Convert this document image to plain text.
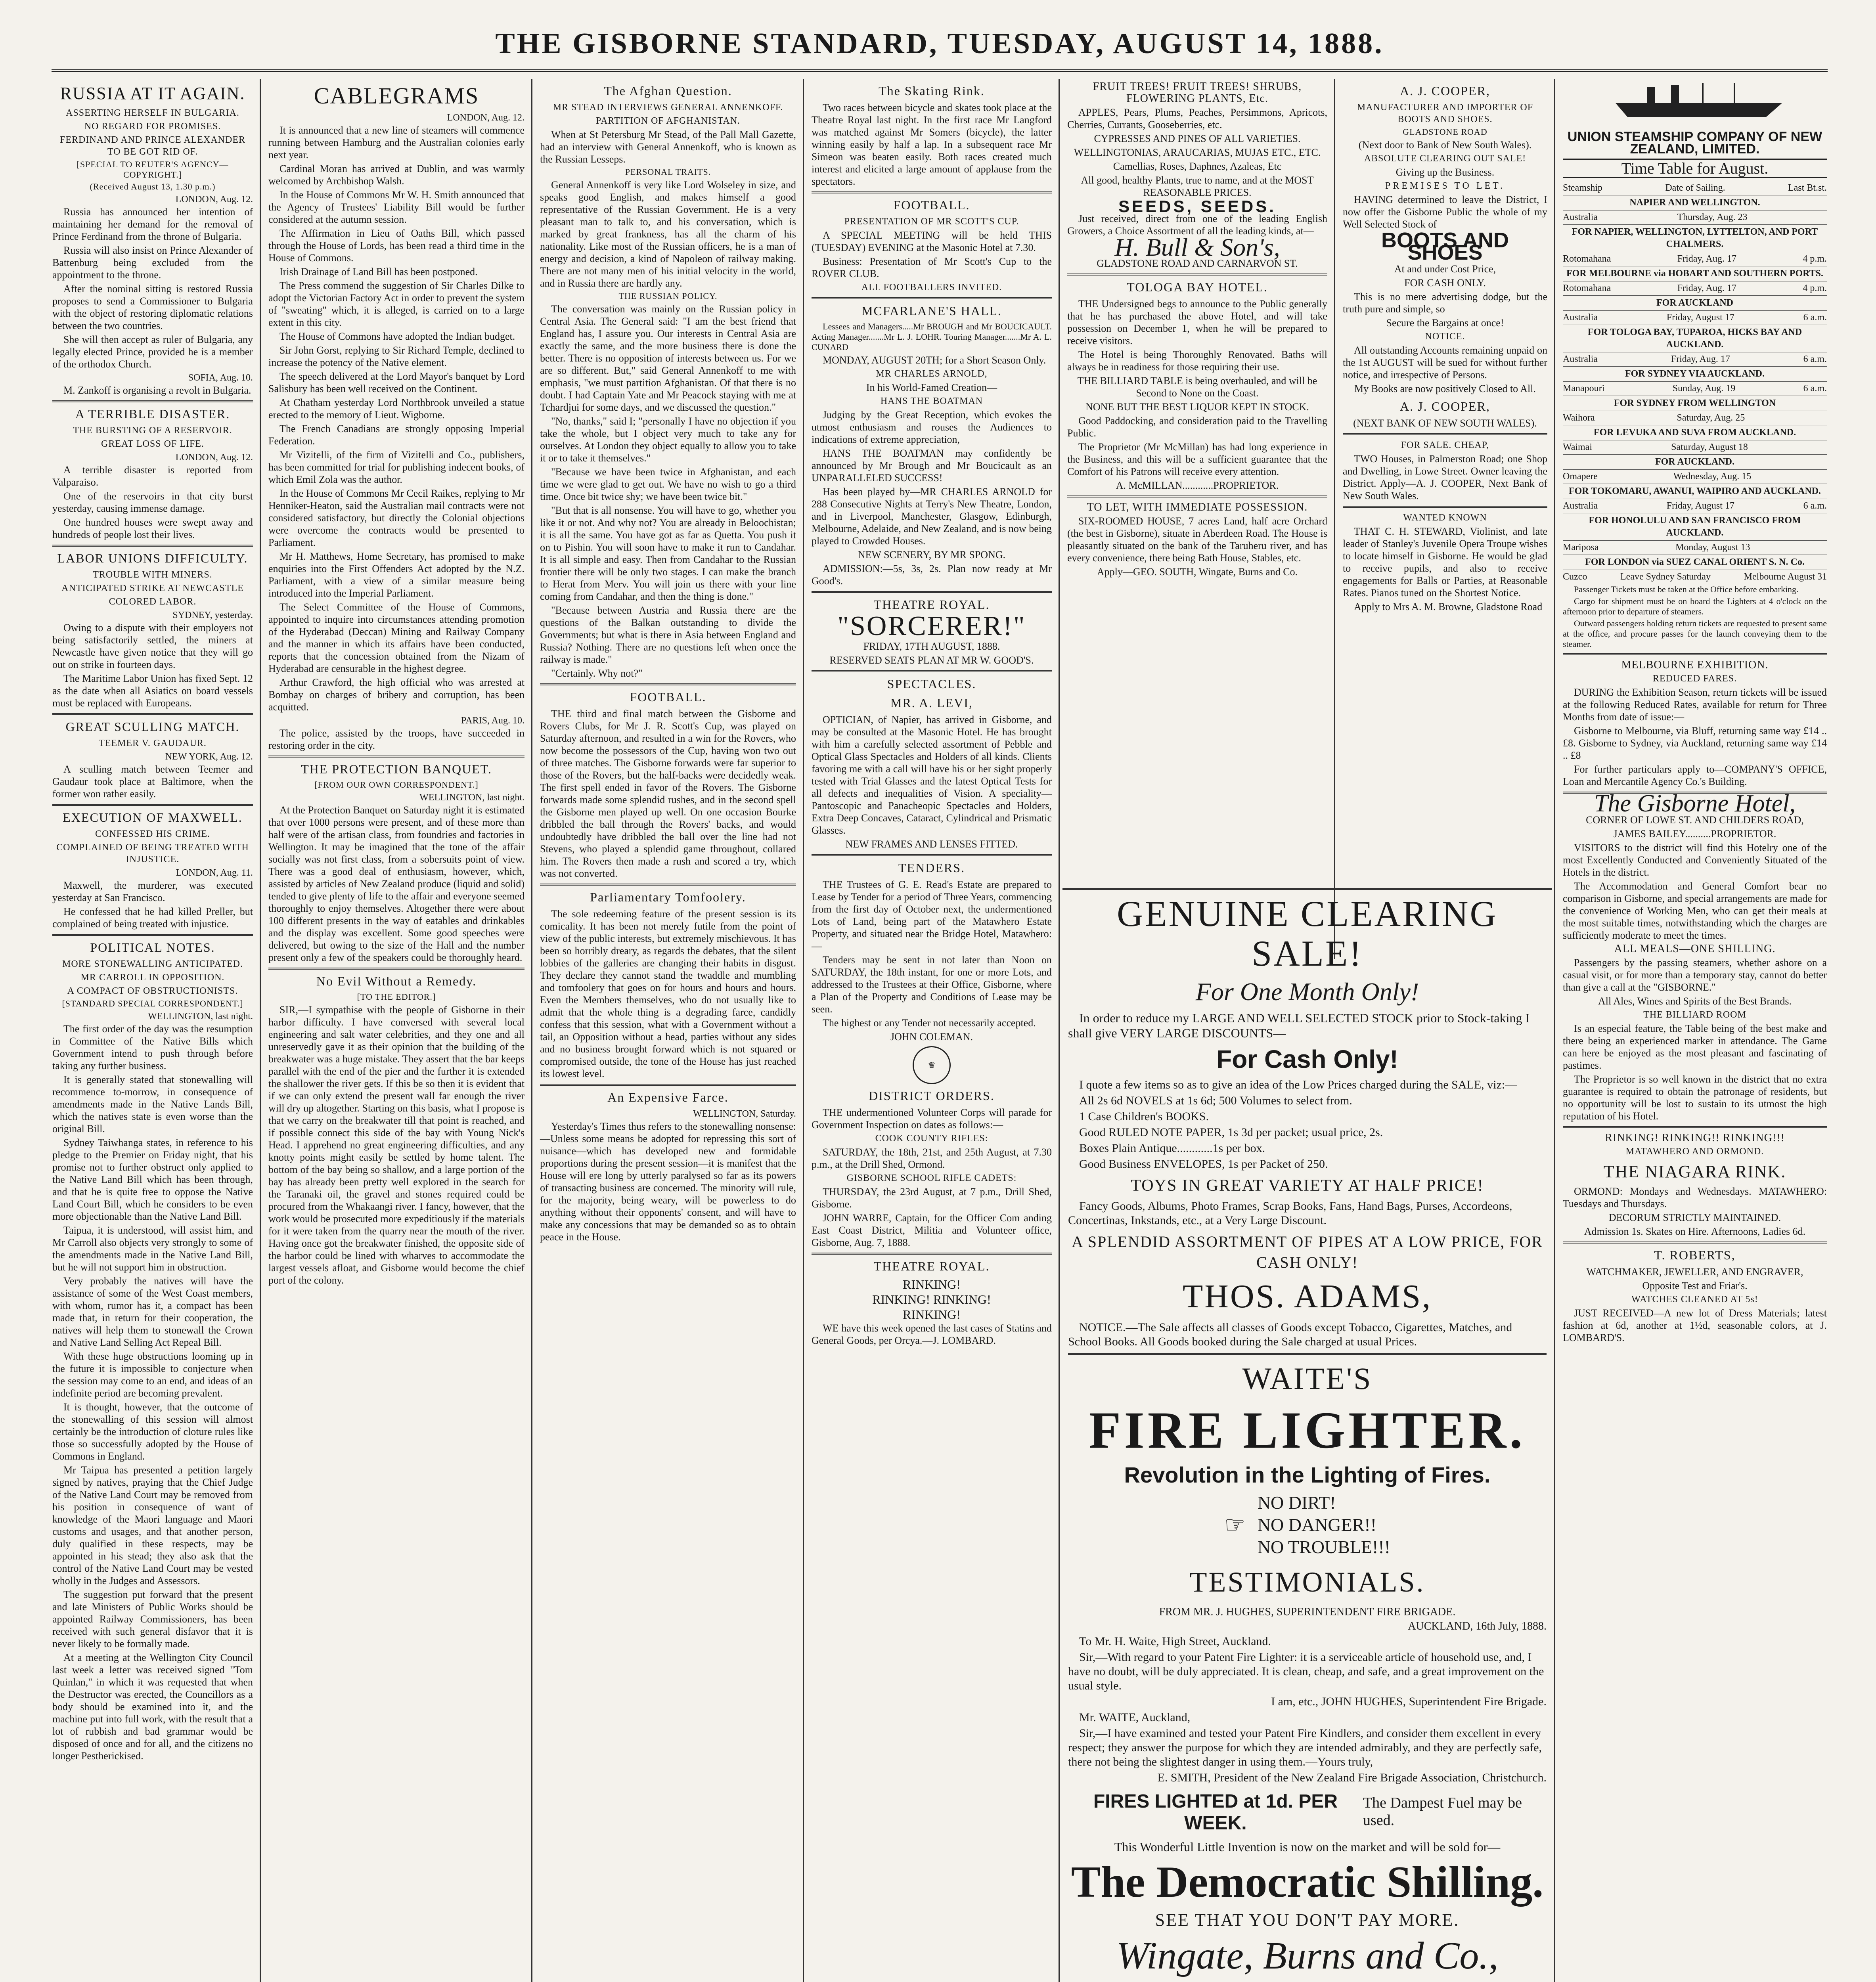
THE GISBORNE STANDARD, TUESDAY, AUGUST 14, 1888.
RUSSIA AT IT AGAIN.
ASSERTING HERSELF IN BULGARIA.
NO REGARD FOR PROMISES.
FERDINAND AND PRINCE ALEXANDER TO BE GOT RID OF.
[SPECIAL TO REUTER'S AGENCY—COPYRIGHT.]
(Received August 13, 1.30 p.m.)
LONDON, Aug. 12.

Russia has announced her intention of maintaining her demand for the removal of Prince Ferdinand from the throne of Bulgaria.

Russia will also insist on Prince Alexander of Battenburg being excluded from the appointment to the throne.

After the nominal sitting is restored Russia proposes to send a Commissioner to Bulgaria with the object of restoring diplomatic relations between the two countries.

She will then accept as ruler of Bulgaria, any legally elected Prince, provided he is a member of the orthodox Church.

SOFIA, Aug. 10.

M. Zankoff is organising a revolt in Bulgaria.

A TERRIBLE DISASTER.
THE BURSTING OF A RESERVOIR.
GREAT LOSS OF LIFE.
LONDON, Aug. 12.

A terrible disaster is reported from Valparaiso.

One of the reservoirs in that city burst yesterday, causing immense damage.

One hundred houses were swept away and hundreds of people lost their lives.

LABOR UNIONS DIFFICULTY.
TROUBLE WITH MINERS.
ANTICIPATED STRIKE AT NEWCASTLE
COLORED LABOR.
SYDNEY, yesterday.

Owing to a dispute with their employers not being satisfactorily settled, the miners at Newcastle have given notice that they will go out on strike in fourteen days.

The Maritime Labor Union has fixed Sept. 12 as the date when all Asiatics on board vessels must be replaced with Europeans.

GREAT SCULLING MATCH.
TEEMER V. GAUDAUR.
NEW YORK, Aug. 12.

A sculling match between Teemer and Gaudaur took place at Baltimore, when the former won rather easily.

EXECUTION OF MAXWELL.
CONFESSED HIS CRIME.
COMPLAINED OF BEING TREATED WITH INJUSTICE.
LONDON, Aug. 11.

Maxwell, the murderer, was executed yesterday at San Francisco.

He confessed that he had killed Preller, but complained of being treated with injustice.

POLITICAL NOTES.
MORE STONEWALLING ANTICIPATED.
MR CARROLL IN OPPOSITION.
A COMPACT OF OBSTRUCTIONISTS.
[STANDARD SPECIAL CORRESPONDENT.]
WELLINGTON, last night.

The first order of the day was the resumption in Committee of the Native Bills which Government intend to push through before taking any further business.

It is generally stated that stonewalling will recommence to-morrow, in consequence of amendments made in the Native Lands Bill, which the natives state is even worse than the original Bill.

Sydney Taiwhanga states, in reference to his pledge to the Premier on Friday night, that his promise not to further obstruct only applied to the Native Land Bill which has been through, and that he is quite free to oppose the Native Land Court Bill, which he considers to be even more objectionable than the Native Land Bill.

Taipua, it is understood, will assist him, and Mr Carroll also objects very strongly to some of the amendments made in the Native Land Bill, but he will not support him in obstruction.

Very probably the natives will have the assistance of some of the West Coast members, with whom, rumor has it, a compact has been made that, in return for their cooperation, the natives will help them to stonewall the Crown and Native Land Selling Act Repeal Bill.

With these huge obstructions looming up in the future it is impossible to conjecture when the session may come to an end, and ideas of an indefinite period are becoming prevalent.

It is thought, however, that the outcome of the stonewalling of this session will almost certainly be the introduction of cloture rules like those so successfully adopted by the House of Commons in England.

Mr Taipua has presented a petition largely signed by natives, praying that the Chief Judge of the Native Land Court may be removed from his position in consequence of want of knowledge of the Maori language and Maori customs and usages, and that another person, duly qualified in these respects, may be appointed in his stead; they also ask that the control of the Native Land Court may be vested wholly in the Judges and Assessors.

The suggestion put forward that the present and late Ministers of Public Works should be appointed Railway Commissioners, has been received with such general disfavor that it is never likely to be formally made.

At a meeting at the Wellington City Council last week a letter was received signed "Tom Quinlan," in which it was requested that when the Destructor was erected, the Councillors as a body should be examined into it, and the machine put into full work, with the result that a lot of rubbish and bad grammar would be disposed of once and for all, and the citizens no longer Pestherickised.

CABLEGRAMS
LONDON, Aug. 12.

It is announced that a new line of steamers will commence running between Hamburg and the Australian colonies early next year.

Cardinal Moran has arrived at Dublin, and was warmly welcomed by Archbishop Walsh.

In the House of Commons Mr W. H. Smith announced that the Agency of Trustees' Liability Bill would be further considered at the autumn session.

The Affirmation in Lieu of Oaths Bill, which passed through the House of Lords, has been read a third time in the House of Commons.

Irish Drainage of Land Bill has been postponed.

The Press commend the suggestion of Sir Charles Dilke to adopt the Victorian Factory Act in order to prevent the system of "sweating" which, it is alleged, is carried on to a large extent in this city.

The House of Commons have adopted the Indian budget.

Sir John Gorst, replying to Sir Richard Temple, declined to increase the potency of the Native element.

The speech delivered at the Lord Mayor's banquet by Lord Salisbury has been well received on the Continent.

At Chatham yesterday Lord Northbrook unveiled a statue erected to the memory of Lieut. Wigborne.

The French Canadians are strongly opposing Imperial Federation.

Mr Vizitelli, of the firm of Vizitelli and Co., publishers, has been committed for trial for publishing indecent books, of which Emil Zola was the author.

In the House of Commons Mr Cecil Raikes, replying to Mr Henniker-Heaton, said the Australian mail contracts were not considered satisfactory, but directly the Colonial objections were overcome the contracts would be presented to Parliament.

Mr H. Matthews, Home Secretary, has promised to make enquiries into the First Offenders Act adopted by the N.Z. Parliament, with a view of a similar measure being introduced into the Imperial Parliament.

The Select Committee of the House of Commons, appointed to inquire into circumstances attending promotion of the Hyderabad (Deccan) Mining and Railway Company and the manner in which its affairs have been conducted, reports that the concession obtained from the Nizam of Hyderabad are censurable in the highest degree.

Arthur Crawford, the high official who was arrested at Bombay on charges of bribery and corruption, has been acquitted.

PARIS, Aug. 10.

The police, assisted by the troops, have succeeded in restoring order in the city.

THE PROTECTION BANQUET.
[FROM OUR OWN CORRESPONDENT.]
WELLINGTON, last night.

At the Protection Banquet on Saturday night it is estimated that over 1000 persons were present, and of these more than half were of the artisan class, from foundries and factories in Wellington. It may be imagined that the tone of the affair socially was not first class, from a sobersuits point of view. There was a good deal of enthusiasm, however, which, assisted by articles of New Zealand produce (liquid and solid) tended to give plenty of life to the affair and everyone seemed thoroughly to enjoy themselves. Altogether there were about 100 different presents in the way of eatables and drinkables and the display was excellent. Some good speeches were delivered, but owing to the size of the Hall and the number present only a few of the speakers could be thoroughly heard.

No Evil Without a Remedy.
[TO THE EDITOR.]

SIR,—I sympathise with the people of Gisborne in their harbor difficulty. I have conversed with several local engineering and salt water celebrities, and they one and all unreservedly gave it as their opinion that the building of the breakwater was a huge mistake. They assert that the bar keeps parallel with the end of the pier and the further it is extended the shallower the river gets. If this be so then it is evident that if we can only extend the present wall far enough the river will dry up altogether. Starting on this basis, what I propose is that we carry on the breakwater till that point is reached, and if possible connect this side of the bay with Young Nick's Head. I apprehend no great engineering difficulties, and any knotty points might easily be settled by home talent. The bottom of the bay being so shallow, and a large portion of the bay has already been pretty well explored in the search for the Taranaki oil, the gravel and stones required could be procured from the Whakaangi river. I fancy, however, that the work would be prosecuted more expeditiously if the materials for it were taken from the quarry near the mouth of the river. Having once got the breakwater finished, the opposite side of the harbor could be lined with wharves to accommodate the largest vessels afloat, and Gisborne would become the chief port of the colony.

The Afghan Question.
MR STEAD INTERVIEWS GENERAL ANNENKOFF.
PARTITION OF AFGHANISTAN.

When at St Petersburg Mr Stead, of the Pall Mall Gazette, had an interview with General Annenkoff, who is known as the Russian Lesseps.

PERSONAL TRAITS.

General Annenkoff is very like Lord Wolseley in size, and speaks good English, and makes himself a good representative of the Russian Government. He is a very pleasant man to talk to, and his conversation, which is marked by great frankness, has all the charm of his nationality. Like most of the Russian officers, he is a man of energy and decision, a kind of Napoleon of railway making. There are not many men of his initial velocity in the world, and in Russia there are hardly any.

THE RUSSIAN POLICY.

The conversation was mainly on the Russian policy in Central Asia. The General said: "I am the best friend that England has, I assure you. Our interests in Central Asia are exactly the same, and the more business there is done the better. There is no opposition of interests between us. For we are so different. But," said General Annenkoff to me with emphasis, "we must partition Afghanistan. Of that there is no doubt. I had Captain Yate and Mr Peacock staying with me at Tchardjui for some days, and we discussed the question."

"No, thanks," said I; "personally I have no objection if you take the whole, but I object very much to take any for ourselves. At London they object equally to allow you to take it or to take it themselves."

"Because we have been twice in Afghanistan, and each time we were glad to get out. We have no wish to go a third time. Once bit twice shy; we have been twice bit."

"But that is all nonsense. You will have to go, whether you like it or not. And why not? You are already in Beloochistan; it is all the same. You have got as far as Quetta. You push it on to Pishin. You will soon have to make it run to Candahar. It is all simple and easy. Then from Candahar to the Russian frontier there will be only two stages. I can make the branch to Herat from Merv. You will join us there with your line coming from Candahar, and then the thing is done."

"Because between Austria and Russia there are the questions of the Balkan outstanding to divide the Governments; but what is there in Asia between England and Russia? Nothing. There are no questions left when once the railway is made."

"Certainly. Why not?"

FOOTBALL.

THE third and final match between the Gisborne and Rovers Clubs, for Mr J. R. Scott's Cup, was played on Saturday afternoon, and resulted in a win for the Rovers, who now become the possessors of the Cup, having won two out of three matches. The Gisborne forwards were far superior to those of the Rovers, but the half-backs were decidedly weak. The first spell ended in favor of the Rovers. The Gisborne forwards made some splendid rushes, and in the second spell the Gisborne men played up well. On one occasion Bourke dribbled the ball through the Rovers' backs, and would undoubtedly have dribbled the ball over the line had not Stevens, who played a splendid game throughout, collared him. The Rovers then made a rush and scored a try, which was not converted.

Parliamentary Tomfoolery.

The sole redeeming feature of the present session is its comicality. It has been not merely futile from the point of view of the public interests, but extremely mischievous. It has been so horribly dreary, as regards the debates, that the silent lobbies of the galleries are changing their habits in disgust. They declare they cannot stand the twaddle and mumbling and tomfoolery that goes on for hours and hours and hours. Even the Members themselves, who do not usually like to admit that the whole thing is a degrading farce, candidly confess that this session, what with a Government without a tail, an Opposition without a head, parties without any sides and no business brought forward which is not squared or compromised outside, the tone of the House has just reached its lowest level.

An Expensive Farce.
WELLINGTON, Saturday.

Yesterday's Times thus refers to the stonewalling nonsense:—Unless some means be adopted for repressing this sort of nuisance—which has developed new and formidable proportions during the present session—it is manifest that the House will ere long by utterly paralysed so far as its powers of transacting business are concerned. The minority will rule, for the majority, being weary, will be powerless to do anything without their opponents' consent, and will have to make any concessions that may be demanded so as to obtain peace in the House.

The Skating Rink.

Two races between bicycle and skates took place at the Theatre Royal last night. In the first race Mr Langford was matched against Mr Somers (bicycle), the latter winning easily by half a lap. In a subsequent race Mr Simeon was beaten easily. Both races created much interest and elicited a large amount of applause from the spectators.

FOOTBALL.
PRESENTATION OF MR SCOTT'S CUP.

A SPECIAL MEETING will be held THIS (TUESDAY) EVENING at the Masonic Hotel at 7.30.

Business: Presentation of Mr Scott's Cup to the ROVER CLUB.

ALL FOOTBALLERS INVITED.
MCFARLANE'S HALL.

Lessees and Managers.....Mr BROUGH and Mr BOUCICAULT. Acting Manager.......Mr L. J. LOHR. Touring Manager.......Mr A. L. CUNARD

MONDAY, AUGUST 20TH; for a Short Season Only.

MR CHARLES ARNOLD,

In his World-Famed Creation—

HANS THE BOATMAN

Judging by the Great Reception, which evokes the utmost enthusiasm and rouses the Audiences to indications of extreme appreciation,

HANS THE BOATMAN may confidently be announced by Mr Brough and Mr Boucicault as an UNPARALLELED SUCCESS!

Has been played by—MR CHARLES ARNOLD for 288 Consecutive Nights at Terry's New Theatre, London, and in Liverpool, Manchester, Glasgow, Edinburgh, Melbourne, Adelaide, and New Zealand, and is now being played to Crowded Houses.

NEW SCENERY, BY MR SPONG.

ADMISSION:—5s, 3s, 2s. Plan now ready at Mr Good's.

THEATRE ROYAL.
"SORCERER!"

FRIDAY, 17TH AUGUST, 1888.

RESERVED SEATS PLAN AT MR W. GOOD'S.

SPECTACLES.
MR. A. LEVI,

OPTICIAN, of Napier, has arrived in Gisborne, and may be consulted at the Masonic Hotel. He has brought with him a carefully selected assortment of Pebble and Optical Glass Spectacles and Holders of all kinds. Clients favoring me with a call will have his or her sight properly tested with Trial Glasses and the latest Optical Tests for all defects and inequalities of Vision. A speciality—Pantoscopic and Panacheopic Spectacles and Holders, Extra Deep Concaves, Cataract, Cylindrical and Prismatic Glasses.

NEW FRAMES AND LENSES FITTED.

TENDERS.

THE Trustees of G. E. Read's Estate are prepared to Lease by Tender for a period of Three Years, commencing from the first day of October next, the undermentioned Lots of Land, being part of the Matawhero Estate Property, and situated near the Bridge Hotel, Matawhero:—

Tenders may be sent in not later than Noon on SATURDAY, the 18th instant, for one or more Lots, and addressed to the Trustees at their Office, Gisborne, where a Plan of the Property and Conditions of Lease may be seen.

The highest or any Tender not necessarily accepted.

JOHN COLEMAN.

♛
DISTRICT ORDERS.

THE undermentioned Volunteer Corps will parade for Government Inspection on dates as follows:—

COOK COUNTY RIFLES:

SATURDAY, the 18th, 21st, and 25th August, at 7.30 p.m., at the Drill Shed, Ormond.

GISBORNE SCHOOL RIFLE CADETS:

THURSDAY, the 23rd August, at 7 p.m., Drill Shed, Gisborne.

JOHN WARRE, Captain, for the Officer Com anding East Coast District, Militia and Volunteer office, Gisborne, Aug. 7, 1888.

THEATRE ROYAL.
RINKING!
RINKING! RINKING!
RINKING!

WE have this week opened the last cases of Statins and General Goods, per Orcya.—J. LOMBARD.

FRUIT TREES! FRUIT TREES! SHRUBS, FLOWERING PLANTS, Etc.

APPLES, Pears, Plums, Peaches, Persimmons, Apricots, Cherries, Currants, Gooseberries, etc.

CYPRESSES AND PINES OF ALL VARIETIES.

WELLINGTONIAS, ARAUCARIAS, MUJAS ETC., ETC.

Camellias, Roses, Daphnes, Azaleas, Etc

All good, healthy Plants, true to name, and at the MOST REASONABLE PRICES.

SEEDS, SEEDS.

Just received, direct from one of the leading English Growers, a Choice Assortment of all the leading kinds, at—

H. Bull & Son's,

GLADSTONE ROAD AND CARNARVON ST.

TOLOGA BAY HOTEL.

THE Undersigned begs to announce to the Public generally that he has purchased the above Hotel, and will take possession on December 1, when he will be prepared to receive visitors.

The Hotel is being Thoroughly Renovated. Baths will always be in readiness for those requiring their use.

THE BILLIARD TABLE is being overhauled, and will be Second to None on the Coast.

NONE BUT THE BEST LIQUOR KEPT IN STOCK.

Good Paddocking, and consideration paid to the Travelling Public.

The Proprietor (Mr McMillan) has had long experience in the Business, and this will be a sufficient guarantee that the Comfort of his Patrons will receive every attention.

A. McMILLAN............PROPRIETOR.

TO LET, WITH IMMEDIATE POSSESSION.

SIX-ROOMED HOUSE, 7 acres Land, half acre Orchard (the best in Gisborne), situate in Aberdeen Road. The House is pleasantly situated on the bank of the Taruheru river, and has every convenience, there being Bath House, Stables, etc.

Apply—GEO. SOUTH, Wingate, Burns and Co.

A. J. COOPER,
MANUFACTURER AND IMPORTER OF BOOTS AND SHOES.
GLADSTONE ROAD

(Next door to Bank of New South Wales).

ABSOLUTE CLEARING OUT SALE!

Giving up the Business.

PREMISES TO LET.

HAVING determined to leave the District, I now offer the Gisborne Public the whole of my Well Selected Stock of

BOOTS AND SHOES

At and under Cost Price,

FOR CASH ONLY.

This is no mere advertising dodge, but the truth pure and simple, so

Secure the Bargains at once!

NOTICE.

All outstanding Accounts remaining unpaid on the 1st AUGUST will be sued for without further notice, and irrespective of Persons.

My Books are now positively Closed to All.

A. J. COOPER,

(NEXT BANK OF NEW SOUTH WALES).

FOR SALE. CHEAP,

TWO Houses, in Palmerston Road; one Shop and Dwelling, in Lowe Street. Owner leaving the District. Apply—A. J. COOPER, Next Bank of New South Wales.

WANTED KNOWN

THAT C. H. STEWARD, Violinist, and late leader of Stanley's Juvenile Opera Troupe wishes to locate himself in Gisborne. He would be glad to receive pupils, and also to receive engagements for Balls or Parties, at Reasonable Rates. Pianos tuned on the Shortest Notice.

Apply to Mrs A. M. Browne, Gladstone Road

GENUINE CLEARING SALE!
For One Month Only!

In order to reduce my LARGE AND WELL SELECTED STOCK prior to Stock-taking I shall give VERY LARGE DISCOUNTS—

For Cash Only!

I quote a few items so as to give an idea of the Low Prices charged during the SALE, viz:—

All 2s 6d NOVELS at 1s 6d; 500 Volumes to select from.

1 Case Children's BOOKS.

Good RULED NOTE PAPER, 1s 3d per packet; usual price, 2s.

Boxes Plain Antique............1s per box.

Good Business ENVELOPES, 1s per Packet of 250.

TOYS IN GREAT VARIETY AT HALF PRICE!

Fancy Goods, Albums, Photo Frames, Scrap Books, Fans, Hand Bags, Purses, Accordeons, Concertinas, Inkstands, etc., at a Very Large Discount.

A SPLENDID ASSORTMENT OF PIPES AT A LOW PRICE, FOR CASH ONLY!
THOS. ADAMS,

NOTICE.—The Sale affects all classes of Goods except Tobacco, Cigarettes, Matches, and School Books. All Goods booked during the Sale charged at usual Prices.

WAITE'S
FIRE LIGHTER.
Revolution in the Lighting of Fires.
☞
NO DIRT!
NO DANGER!!
NO TROUBLE!!!
TESTIMONIALS.

FROM MR. J. HUGHES, SUPERINTENDENT FIRE BRIGADE.

AUCKLAND, 16th July, 1888.

To Mr. H. Waite, High Street, Auckland.

Sir,—With regard to your Patent Fire Lighter: it is a serviceable article of household use, and, I have no doubt, will be duly appreciated. It is clean, cheap, and safe, and a great improvement on the usual style.

I am, etc., JOHN HUGHES, Superintendent Fire Brigade.

Mr. WAITE, Auckland,

Sir,—I have examined and tested your Patent Fire Kindlers, and consider them excellent in every respect; they answer the purpose for which they are intended admirably, and they are perfectly safe, there not being the slightest danger in using them.—Yours truly,

E. SMITH, President of the New Zealand Fire Brigade Association, Christchurch.

FIRES LIGHTED at 1d. PER WEEK.
The Dampest Fuel may be used.

This Wonderful Little Invention is now on the market and will be sold for—

The Democratic Shilling.

SEE THAT YOU DON'T PAY MORE.

Wingate, Burns and Co.,

UNION STEAMSHIP COMPANY OF NEW ZEALAND, LIMITED.
Time Table for August.
Steamship	Date of Sailing.	Last Bt.st.
NAPIER AND WELLINGTON.
Australia	Thursday, Aug. 23
FOR NAPIER, WELLINGTON, LYTTELTON, AND PORT CHALMERS.
Rotomahana	Friday, Aug. 17	4 p.m.
FOR MELBOURNE via HOBART AND SOUTHERN PORTS.
Rotomahana	Friday, Aug. 17	4 p.m.
FOR AUCKLAND
Australia	Friday, August 17	6 a.m.
FOR TOLOGA BAY, TUPAROA, HICKS BAY AND AUCKLAND.
Australia	Friday, Aug. 17	6 a.m.
FOR SYDNEY VIA AUCKLAND.
Manapouri	Sunday, Aug. 19	6 a.m.
FOR SYDNEY FROM WELLINGTON
Waihora	Saturday, Aug. 25
FOR LEVUKA AND SUVA FROM AUCKLAND.
Waimai	Saturday, August 18
FOR AUCKLAND.
Omapere	Wednesday, Aug. 15
FOR TOKOMARU, AWANUI, WAIPIRO AND AUCKLAND.
Australia	Friday, August 17	6 a.m.
FOR HONOLULU AND SAN FRANCISCO FROM AUCKLAND.
Mariposa	Monday, August 13
FOR LONDON via SUEZ CANAL ORIENT S. N. Co.
Cuzco	Leave Sydney Saturday	Melbourne August 31

Passenger Tickets must be taken at the Office before embarking.

Cargo for shipment must be on board the Lighters at 4 o'clock on the afternoon prior to departure of steamers.

Outward passengers holding return tickets are requested to present same at the office, and procure passes for the launch conveying them to the steamer.

MELBOURNE EXHIBITION.
REDUCED FARES.

DURING the Exhibition Season, return tickets will be issued at the following Reduced Rates, available for return for Three Months from date of issue:—

Gisborne to Melbourne, via Bluff, returning same way £14 .. £8. Gisborne to Sydney, via Auckland, returning same way £14 .. £8

For further particulars apply to—COMPANY'S OFFICE, Loan and Mercantile Agency Co.'s Building.

The Gisborne Hotel,

CORNER OF LOWE ST. AND CHILDERS ROAD,

JAMES BAILEY..........PROPRIETOR.

VISITORS to the district will find this Hotelry one of the most Excellently Conducted and Conveniently Situated of the Hotels in the district.

The Accommodation and General Comfort bear no comparison in Gisborne, and special arrangements are made for the convenience of Working Men, who can get their meals at the most suitable times, notwithstanding which the charges are sufficiently moderate to meet the times.

ALL MEALS—ONE SHILLING.

Passengers by the passing steamers, whether ashore on a casual visit, or for more than a temporary stay, cannot do better than give a call at the "GISBORNE."

All Ales, Wines and Spirits of the Best Brands.

THE BILLIARD ROOM

Is an especial feature, the Table being of the best make and there being an experienced marker in attendance. The Game can here be enjoyed as the most pleasant and fascinating of pastimes.

The Proprietor is so well known in the district that no extra guarantee is required to obtain the patronage of residents, but no opportunity will be lost to sustain to its utmost the high reputation of his Hotel.

RINKING! RINKING!! RINKING!!!
MATAWHERO AND ORMOND.
THE NIAGARA RINK.

ORMOND: Mondays and Wednesdays. MATAWHERO: Tuesdays and Thursdays.

DECORUM STRICTLY MAINTAINED.

Admission 1s. Skates on Hire. Afternoons, Ladies 6d.

T. ROBERTS,

WATCHMAKER, JEWELLER, AND ENGRAVER,

Opposite Test and Friar's.

WATCHES CLEANED AT 5s!

JUST RECEIVED—A new lot of Dress Materials; latest fashion at 6d, another at 1½d, seasonable colors, at J. LOMBARD'S.
